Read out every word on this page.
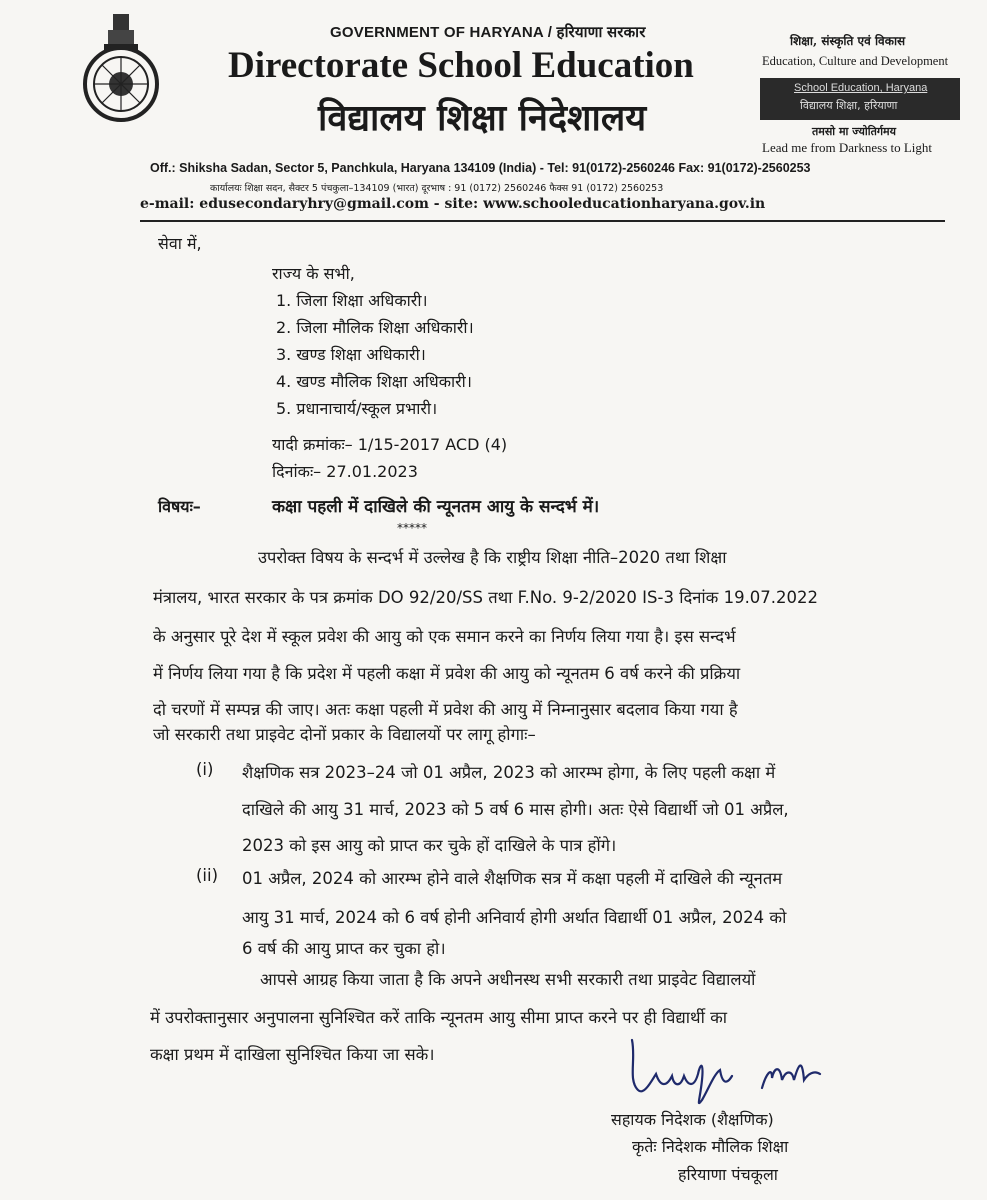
GOVERNMENT OF HARYANA / हरियाणा सरकार
Directorate School Education
विद्यालय शिक्षा निदेशालय
शिक्षा, संस्कृति एवं विकास
Education, Culture and Development
School Education, Haryana
विद्यालय शिक्षा, हरियाणा
तमसो मा ज्योतिर्गमय
Lead me from Darkness to Light
Off.: Shiksha Sadan, Sector 5, Panchkula, Haryana 134109 (India) - Tel: 91(0172)-2560246 Fax: 91(0172)-2560253
कार्यालयः शिक्षा सदन, सैक्टर 5 पंचकुला–134109 (भारत) दूरभाष : 91 (0172) 2560246 फैक्स 91 (0172) 2560253
e-mail: edusecondaryhry@gmail.com - site: www.schooleducationharyana.gov.in
सेवा में,
राज्य के सभी,
1. जिला शिक्षा अधिकारी।
2. जिला मौलिक शिक्षा अधिकारी।
3. खण्ड शिक्षा अधिकारी।
4. खण्ड मौलिक शिक्षा अधिकारी।
5. प्रधानाचार्य/स्कूल प्रभारी।
यादी क्रमांकः– 1/15-2017 ACD (4)
दिनांकः– 27.01.2023
विषयः–	कक्षा पहली में दाखिले की न्यूनतम आयु के सन्दर्भ में।
*****
उपरोक्त विषय के सन्दर्भ में उल्लेख है कि राष्ट्रीय शिक्षा नीति–2020 तथा शिक्षा
मंत्रालय, भारत सरकार के पत्र क्रमांक DO 92/20/SS तथा F.No. 9-2/2020 IS-3 दिनांक 19.07.2022
के अनुसार पूरे देश में स्कूल प्रवेश की आयु को एक समान करने का निर्णय लिया गया है। इस सन्दर्भ
में निर्णय लिया गया है कि प्रदेश में पहली कक्षा में प्रवेश की आयु को न्यूनतम 6 वर्ष करने की प्रक्रिया
दो चरणों में सम्पन्न की जाए। अतः कक्षा पहली में प्रवेश की आयु में निम्नानुसार बदलाव किया गया है
जो सरकारी तथा प्राइवेट दोनों प्रकार के विद्यालयों पर लागू होगाः–
(i) शैक्षणिक सत्र 2023–24 जो 01 अप्रैल, 2023 को आरम्भ होगा, के लिए पहली कक्षा में
दाखिले की आयु 31 मार्च, 2023 को 5 वर्ष 6 मास होगी। अतः ऐसे विद्यार्थी जो 01 अप्रैल,
2023 को इस आयु को प्राप्त कर चुके हों दाखिले के पात्र होंगे।
(ii) 01 अप्रैल, 2024 को आरम्भ होने वाले शैक्षणिक सत्र में कक्षा पहली में दाखिले की न्यूनतम
आयु 31 मार्च, 2024 को 6 वर्ष होनी अनिवार्य होगी अर्थात विद्यार्थी 01 अप्रैल, 2024 को
6 वर्ष की आयु प्राप्त कर चुका हो।
आपसे आग्रह किया जाता है कि अपने अधीनस्थ सभी सरकारी तथा प्राइवेट विद्यालयों
में उपरोक्तानुसार अनुपालना सुनिश्चित करें ताकि न्यूनतम आयु सीमा प्राप्त करने पर ही विद्यार्थी का
कक्षा प्रथम में दाखिला सुनिश्चित किया जा सके।
सहायक निदेशक (शैक्षणिक)
कृतेः निदेशक मौलिक शिक्षा
हरियाणा पंचकूला
